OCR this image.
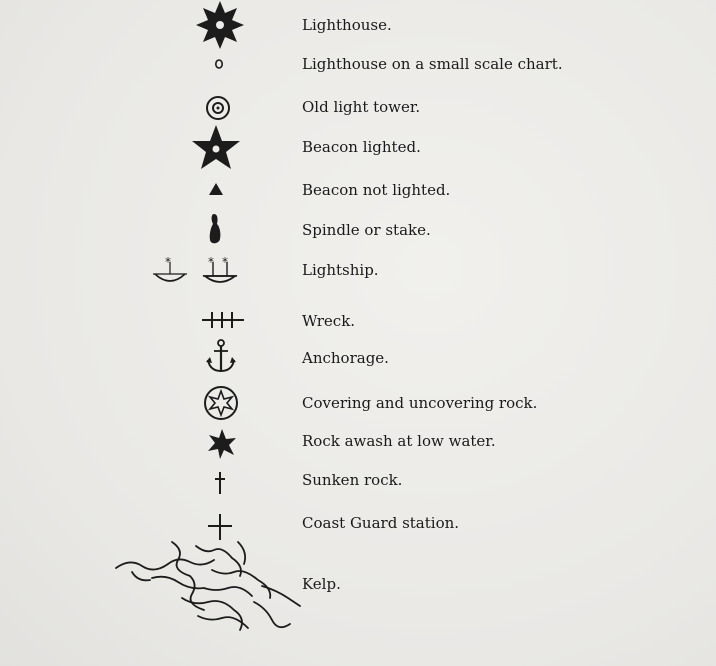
Lighthouse.
Lighthouse on a small scale chart.
Old light tower.
Beacon lighted.
Beacon not lighted.
Spindle or stake.
*	* *	Lightship.
Wreck.
Anchorage.
Covering and uncovering rock.
Rock awash at low water.
Sunken rock.
Coast Guard station.
Kelp.
